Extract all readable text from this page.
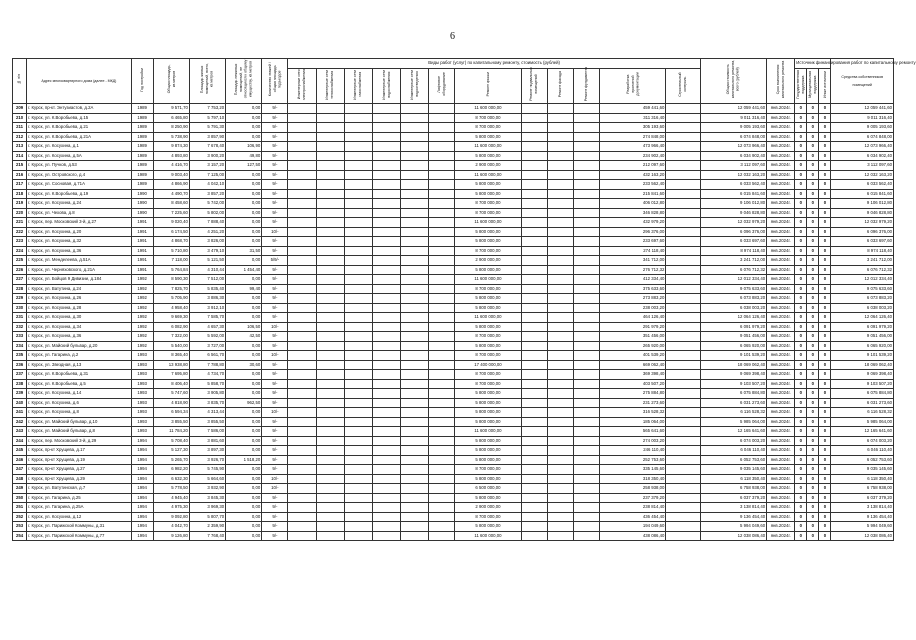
6
№ п/п	Адрес многоквартирного дома (далее - МКД)	Год постройки	Общая площадь, кв.метров	Площадь жилых помещений, всего, кв.метров	Площадь нежилых помещений, не относящихся к общему имуществу, кв.метров	Количество этажей / общая площадь подъездов	Виды работ (услуг) по капитальному ремонту, стоимость (рублей)												Общая стоимость капитального ремонта, всего (рублей)	Срок выполнения капитального ремонта	Источник финансирования работ по капитальному ремонту			Средства собственников помещений
							Инженерные сети электроснабжения	Инженерные сети теплоснабжения	Инженерные сети газоснабжения	Инженерные сети водоснабжения	Инженерные сети водоотведения	Лифтовое оборудование	Ремонт крыши	Ремонт подвальных помещений	Ремонт фасада	Ремонт фундамента	Разработка проектной документации	Строительный контроль			Государственная поддержка	Муниципальная поддержка	Иные источники	
209	г. Курск, пр-кт. Энтузиастов, д.2А	1989	9 571,70	7 753,20	0,00	9/-							11 600 000,00				459 441,60		12 059 441,60	янв.2024г.	0	0	0	12 059 441,60
210	г. Курск, ул. К.Воробьева, д.15	1989	6 465,80	5 797,10	0,00	9/-							8 700 000,00				311 316,40		9 011 316,40	янв.2024г.	0	0	0	9 011 316,40
211	г. Курск, ул. К.Воробьева, д.21	1989	8 250,90	5 791,30	0,00	9/-							8 700 000,00				305 193,60		9 005 193,60	янв.2024г.	0	0	0	9 005 193,60
212	г. Курск, ул. К.Воробьева, д.21А	1989	5 738,90	3 857,90	0,00	9/-							5 800 000,00				274 848,00		6 074 848,00	янв.2024г.	0	0	0	6 074 848,00
213	г. Курск, ул. Косухина, д.1	1989	9 874,30	7 678,40	106,90	9/-							11 600 000,00				473 966,40		12 073 966,40	янв.2024г.	0	0	0	12 073 966,40
214	г. Курск, ул. Косухина, д.5А	1989	4 893,80	3 900,20	49,80	9/-							5 800 000,00				234 902,40		6 034 902,40	янв.2024г.	0	0	0	6 034 902,40
215	г. Курск, ул. Пучков, д.53	1989	4 416,70	3 157,20	127,50	9/-							2 900 000,00				212 097,60		3 112 097,60	янв.2024г.	0	0	0	3 112 097,60
216	г. Курск, ул. Островского, д.4	1989	9 003,40	7 125,00	0,00	9/-							11 600 000,00				432 163,20		12 032 163,20	янв.2024г.	0	0	0	12 032 163,20
217	г. Курск, ул. Сосновая, д.71А	1989	4 866,90	4 042,10	0,00	9/-							5 800 000,00				233 562,40		6 033 562,40	янв.2024г.	0	0	0	6 033 562,40
218	г. Курск, ул. К.Воробьева, д.19	1990	4 490,70	3 857,20	0,00	9/-							5 800 000,00				215 841,60		6 015 841,60	янв.2024г.	0	0	0	6 015 841,60
219	г. Курск, ул. Косухина, д.24	1990	8 458,60	5 742,00	0,00	9/-							8 700 000,00				406 012,80		9 106 012,80	янв.2024г.	0	0	0	9 106 012,80
220	г. Курск, ул. Чехова, д.8	1990	7 225,60	5 802,00	0,00	9/-							8 700 000,00				346 828,80		9 046 828,80	янв.2024г.	0	0	0	9 046 828,80
221	г. Курск, пер. Московский 3-й, д.27	1991	9 020,40	7 888,40	0,00	9/-							11 600 000,00				432 979,20		12 032 979,20	янв.2024г.	0	0	0	12 032 979,20
222	г. Курск, ул. Косухина, д.20	1991	6 174,50	4 251,20	0,00	10/-							5 800 000,00				296 376,00		6 096 376,00	янв.2024г.	0	0	0	6 096 376,00
223	г. Курск, ул. Косухина, д.32	1991	4 868,70	3 826,00	0,00	9/-							5 800 000,00				233 697,60		6 033 697,60	янв.2024г.	0	0	0	6 033 697,60
224	г. Курск, ул. Косухина, д.36	1991	5 710,80	3 479,10	31,50	9/-							8 700 000,00				274 118,40		8 974 118,40	янв.2024г.	0	0	0	8 974 118,40
225	г. Курск, ул. Менделеева, д.51А	1991	7 118,00	5 121,50	0,00	5/9/-							2 900 000,00				341 712,00		3 241 712,00	янв.2024г.	0	0	0	3 241 712,00
226	г. Курск, ул. Черняховского, д.21А	1991	5 764,84	4 310,44	1 454,40	9/-							5 800 000,00				276 712,32		6 076 712,32	янв.2024г.	0	0	0	6 076 712,32
227	г. Курск, ул. Бойцов 9 Дивизии, д.184	1992	8 590,30	7 512,00	0,00	9/-							11 600 000,00				412 334,40		12 012 334,40	янв.2024г.	0	0	0	12 012 334,40
228	г. Курск, ул. Ватутина, д.24	1992	7 825,70	5 835,40	99,40	9/-							8 700 000,00				375 633,60		9 075 633,60	янв.2024г.	0	0	0	9 075 633,60
229	г. Курск, ул. Косухина, д.26	1992	5 705,90	3 886,30	0,00	9/-							5 800 000,00				273 883,20		6 073 883,20	янв.2024г.	0	0	0	6 073 883,20
230	г. Курск, ул. Косухина, д.28	1992	4 958,40	3 912,10	0,00	9/-							5 800 000,00				238 003,20		6 038 003,20	янв.2024г.	0	0	0	6 038 003,20
231	г. Курск, ул. Косухина, д.30	1992	9 669,30	7 585,70	0,00	9/-							11 600 000,00				464 126,40		12 064 126,40	янв.2024г.	0	0	0	12 064 126,40
232	г. Курск, ул. Косухина, д.34	1992	6 082,90	4 657,30	106,50	10/-							5 800 000,00				291 979,20		6 091 979,20	янв.2024г.	0	0	0	6 091 979,20
233	г. Курск, ул. Косухина, д.36	1992	7 322,00	5 592,00	42,50	9/-							8 700 000,00				351 456,00		9 051 456,00	янв.2024г.	0	0	0	9 051 456,00
234	г. Курск, ул. Майский бульвар, д.20	1992	5 540,00	3 727,00	0,00	9/-							5 800 000,00				265 920,00		6 065 920,00	янв.2024г.	0	0	0	6 065 920,00
235	г. Курск, ул. Гагарина, д.2	1993	8 365,40	6 561,70	0,00	10/-							8 700 000,00				401 539,20		9 101 539,20	янв.2024г.	0	0	0	9 101 539,20
236	г. Курск, ул. Звездная, д.13	1993	13 938,80	7 788,80	30,60	9/-							17 400 000,00				669 062,40		18 069 062,40	янв.2024г.	0	0	0	18 069 062,40
237	г. Курск, ул. К.Воробьева, д.31	1993	7 695,80	4 734,70	0,00	9/-							8 700 000,00				369 398,40		9 069 398,40	янв.2024г.	0	0	0	9 069 398,40
238	г. Курск, ул. К.Воробьева, д.5	1993	8 406,40	5 858,70	0,00	9/-							8 700 000,00				403 507,20		9 103 507,20	янв.2024г.	0	0	0	9 103 507,20
239	г. Курск, ул. Косухина, д.14	1993	5 747,60	3 905,80	0,00	9/-							5 800 000,00				275 884,80		6 075 884,80	янв.2024г.	0	0	0	6 075 884,80
240	г. Курск, ул. Косухина, д.6	1993	4 818,90	3 835,70	962,50	9/-							5 800 000,00				231 273,60		6 031 273,60	янв.2024г.	0	0	0	6 031 273,60
241	г. Курск, ул. Косухина, д.8	1993	6 594,34	4 313,44	0,00	10/-							5 800 000,00				316 528,32		6 116 528,32	янв.2024г.	0	0	0	6 116 528,32
242	г. Курск, ул. Майский бульвар, д.10	1993	3 855,50	3 855,50	0,00	9/-							5 800 000,00				185 064,00		5 985 064,00	янв.2024г.	0	0	0	5 985 064,00
243	г. Курск, ул. Майский бульвар, д.8	1993	11 784,20	7 586,00	0,00	9/-							11 600 000,00				565 641,60		12 165 641,60	янв.2024г.	0	0	0	12 165 641,60
244	г. Курск, пер. Московский 3-й, д.29	1994	5 708,40	3 881,60	0,00	9/-							5 800 000,00				274 003,20		6 074 003,20	янв.2024г.	0	0	0	6 074 003,20
245	г. Курск, пр-кт Хрущева, д.17	1994	5 127,30	3 897,30	0,00	9/-							5 800 000,00				246 110,40		6 046 110,40	янв.2024г.	0	0	0	6 046 110,40
246	г. Курск, пр-кт Хрущева, д.19	1994	5 265,70	3 926,70	1 518,20	9/-							5 800 000,00				252 753,60		6 052 753,60	янв.2024г.	0	0	0	6 052 753,60
247	г. Курск, пр-кт Хрущева, д.27	1994	6 982,20	5 745,90	0,00	9/-							8 700 000,00				335 145,60		9 035 145,60	янв.2024г.	0	0	0	9 035 145,60
248	г. Курск, пр-кт Хрущева, д.29	1994	6 632,30	5 664,60	0,00	10/-							5 800 000,00				318 350,40		6 118 350,40	янв.2024г.	0	0	0	6 118 350,40
249	г. Курск, ул. Ватутинская, д.7	1994	5 778,50	3 932,90	0,00	10/-							6 500 000,00				258 938,00		6 758 938,00	янв.2024г.	0	0	0	6 758 938,00
250	г. Курск, ул. Гагарина, д.25	1994	4 945,40	3 845,30	0,00	9/-							5 800 000,00				237 379,20		6 037 379,20	янв.2024г.	0	0	0	6 037 379,20
251	г. Курск, ул. Гагарина, д.25А	1994	4 975,30	3 969,30	0,00	9/-							2 900 000,00				238 814,40		3 138 814,40	янв.2024г.	0	0	0	3 138 814,40
252	г. Курск, ул. Косухина, д.12	1994	9 092,80	5 807,70	0,00	9/-							8 700 000,00				436 454,40		9 136 454,40	янв.2024г.	0	0	0	9 136 454,40
253	г. Курск, ул. Парижской Коммуны, д.31	1994	4 042,70	2 359,90	0,00	9/-							5 800 000,00				194 049,60		5 994 049,60	янв.2024г.	0	0	0	5 994 049,60
254	г. Курск, ул. Парижской Коммуны, д.77	1994	9 126,80	7 768,40	0,00	9/-							11 600 000,00				438 086,40		12 038 086,40	янв.2024г.	0	0	0	12 038 086,40
